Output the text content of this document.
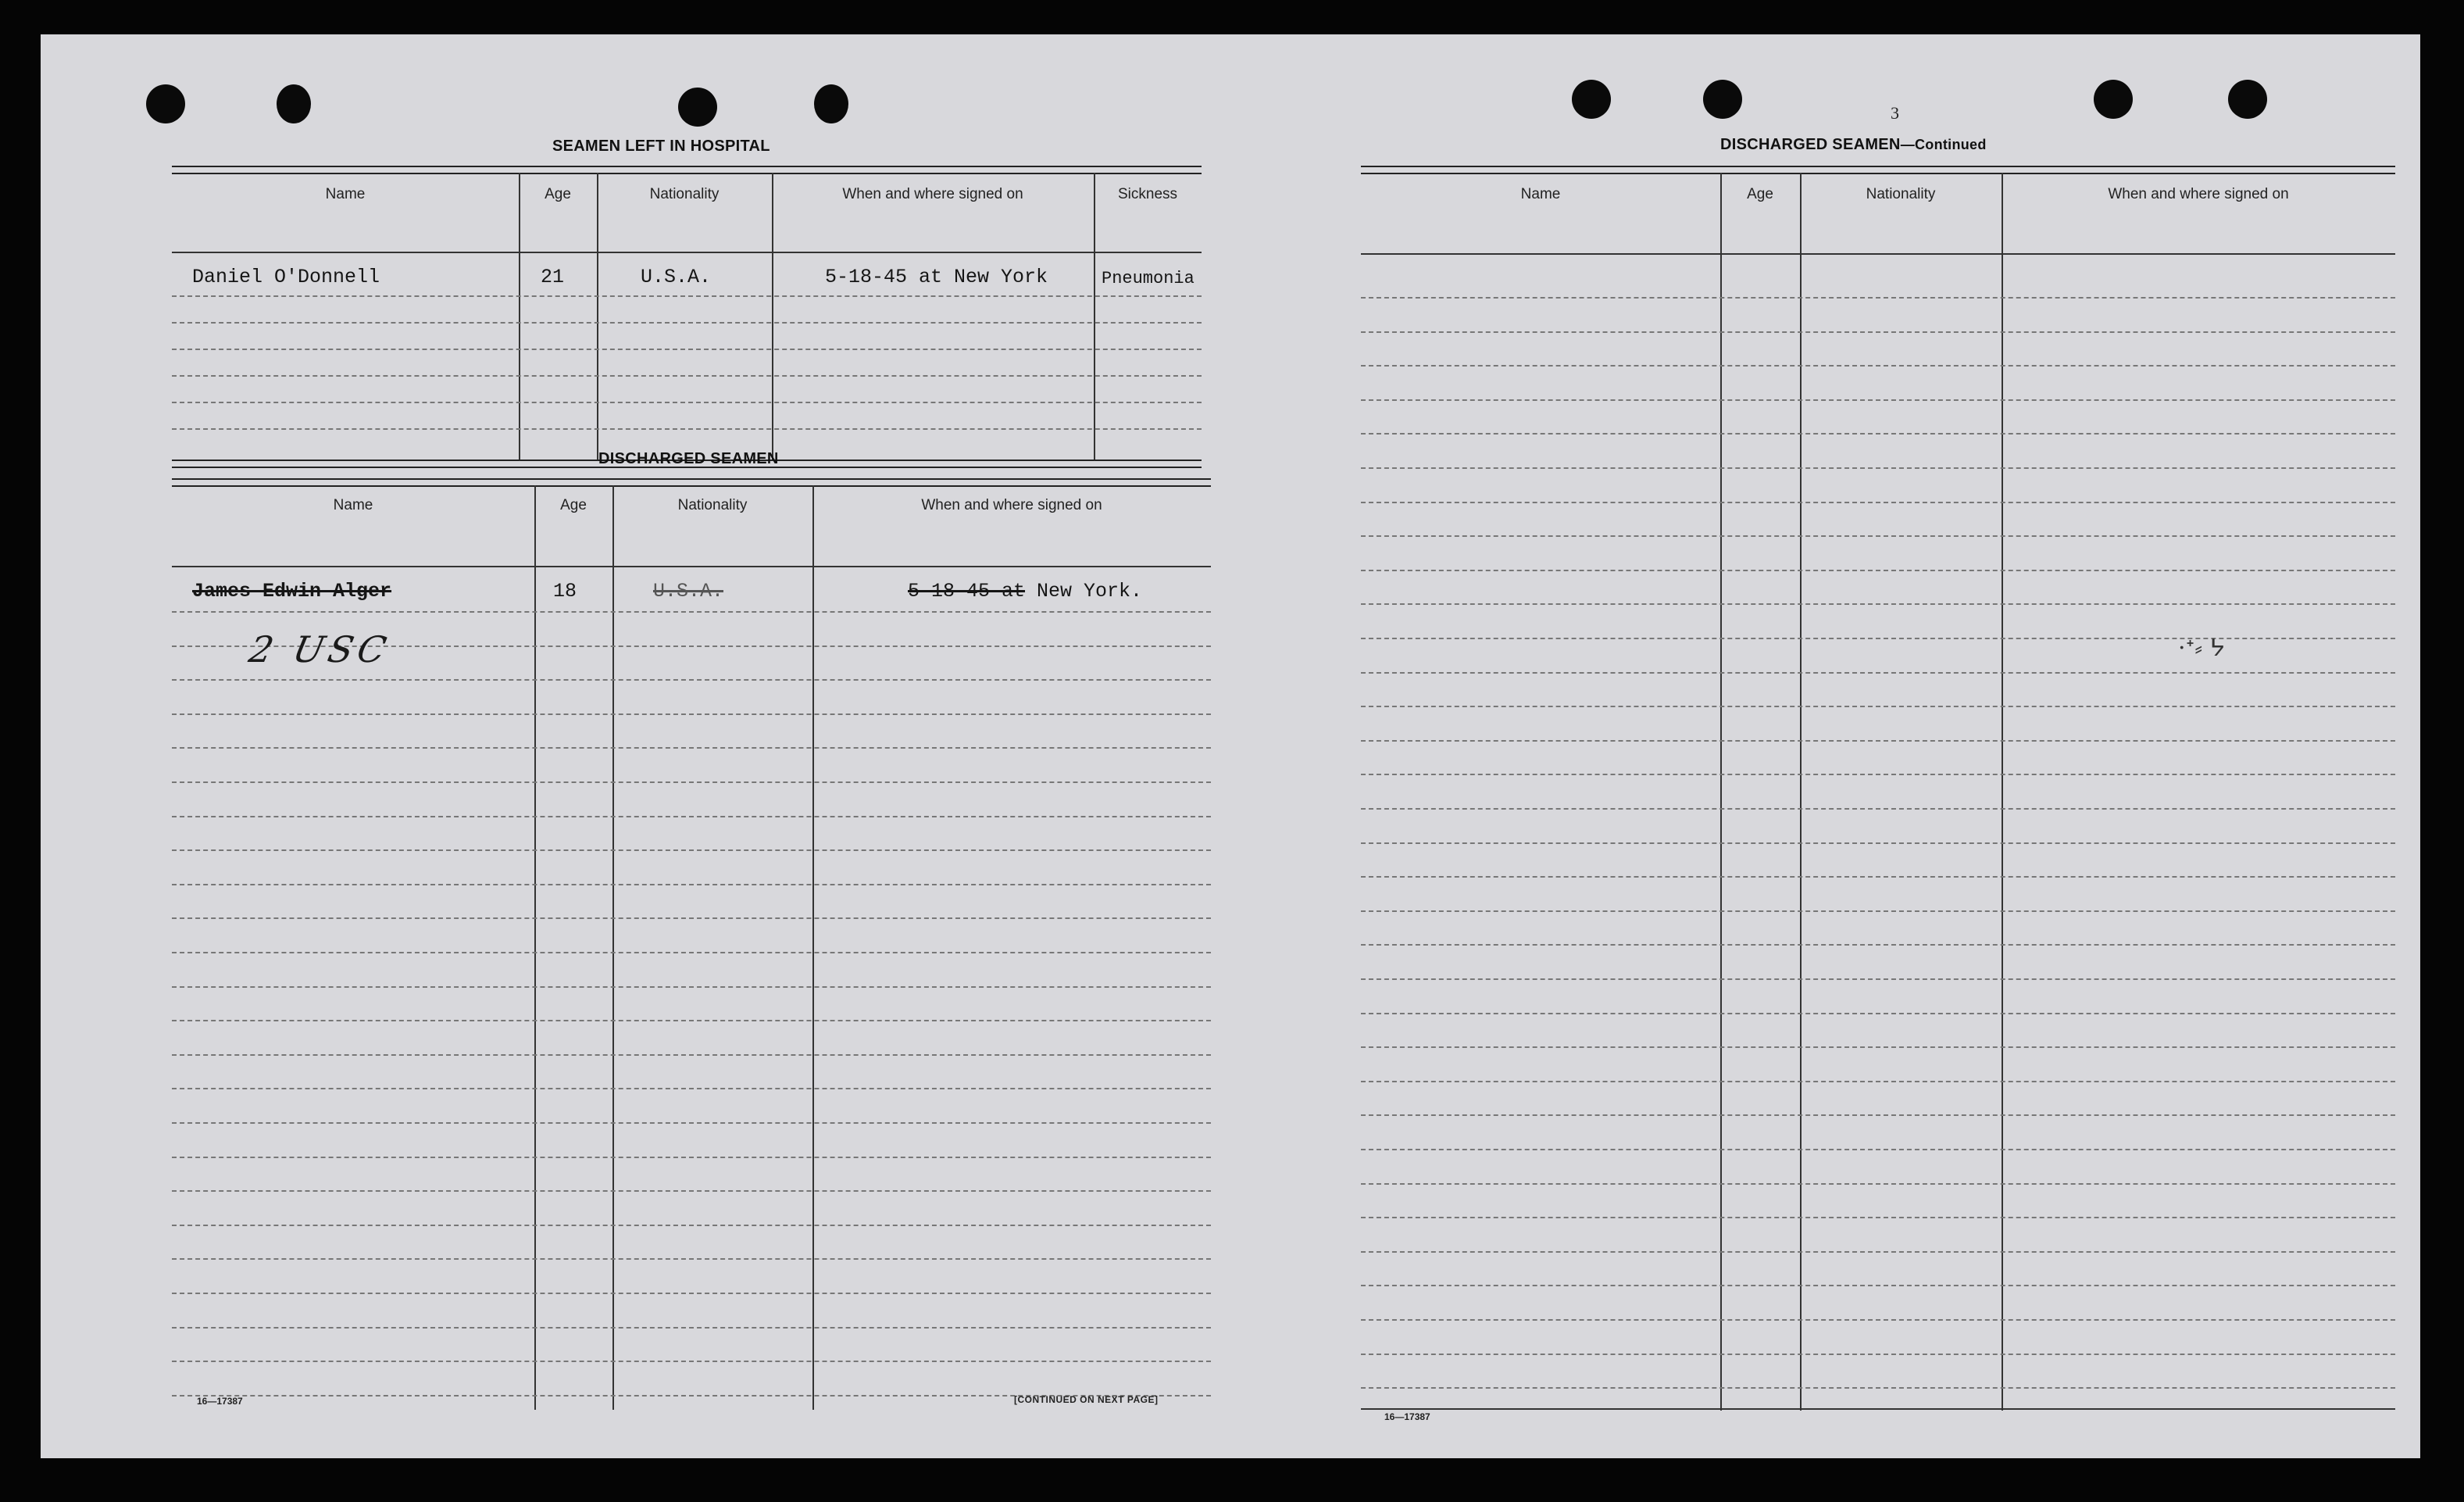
SEAMEN LEFT IN HOSPITAL
Name	Age	Nationality	When and where signed on	Sickness
Daniel O'Donnell	21	U.S.A.	5-18-45 at New York	Pneumonia
DISCHARGED SEAMEN
Name	Age	Nationality	When and where signed on
James Edwin Alger	18	U.S.A.	5-18-45 at New York.
2 USC
16—17387	[CONTINUED ON NEXT PAGE]
3
DISCHARGED SEAMEN—Continued
Name	Age	Nationality	When and where signed on
·ᐩ⸗ ᔭ
16—17387
